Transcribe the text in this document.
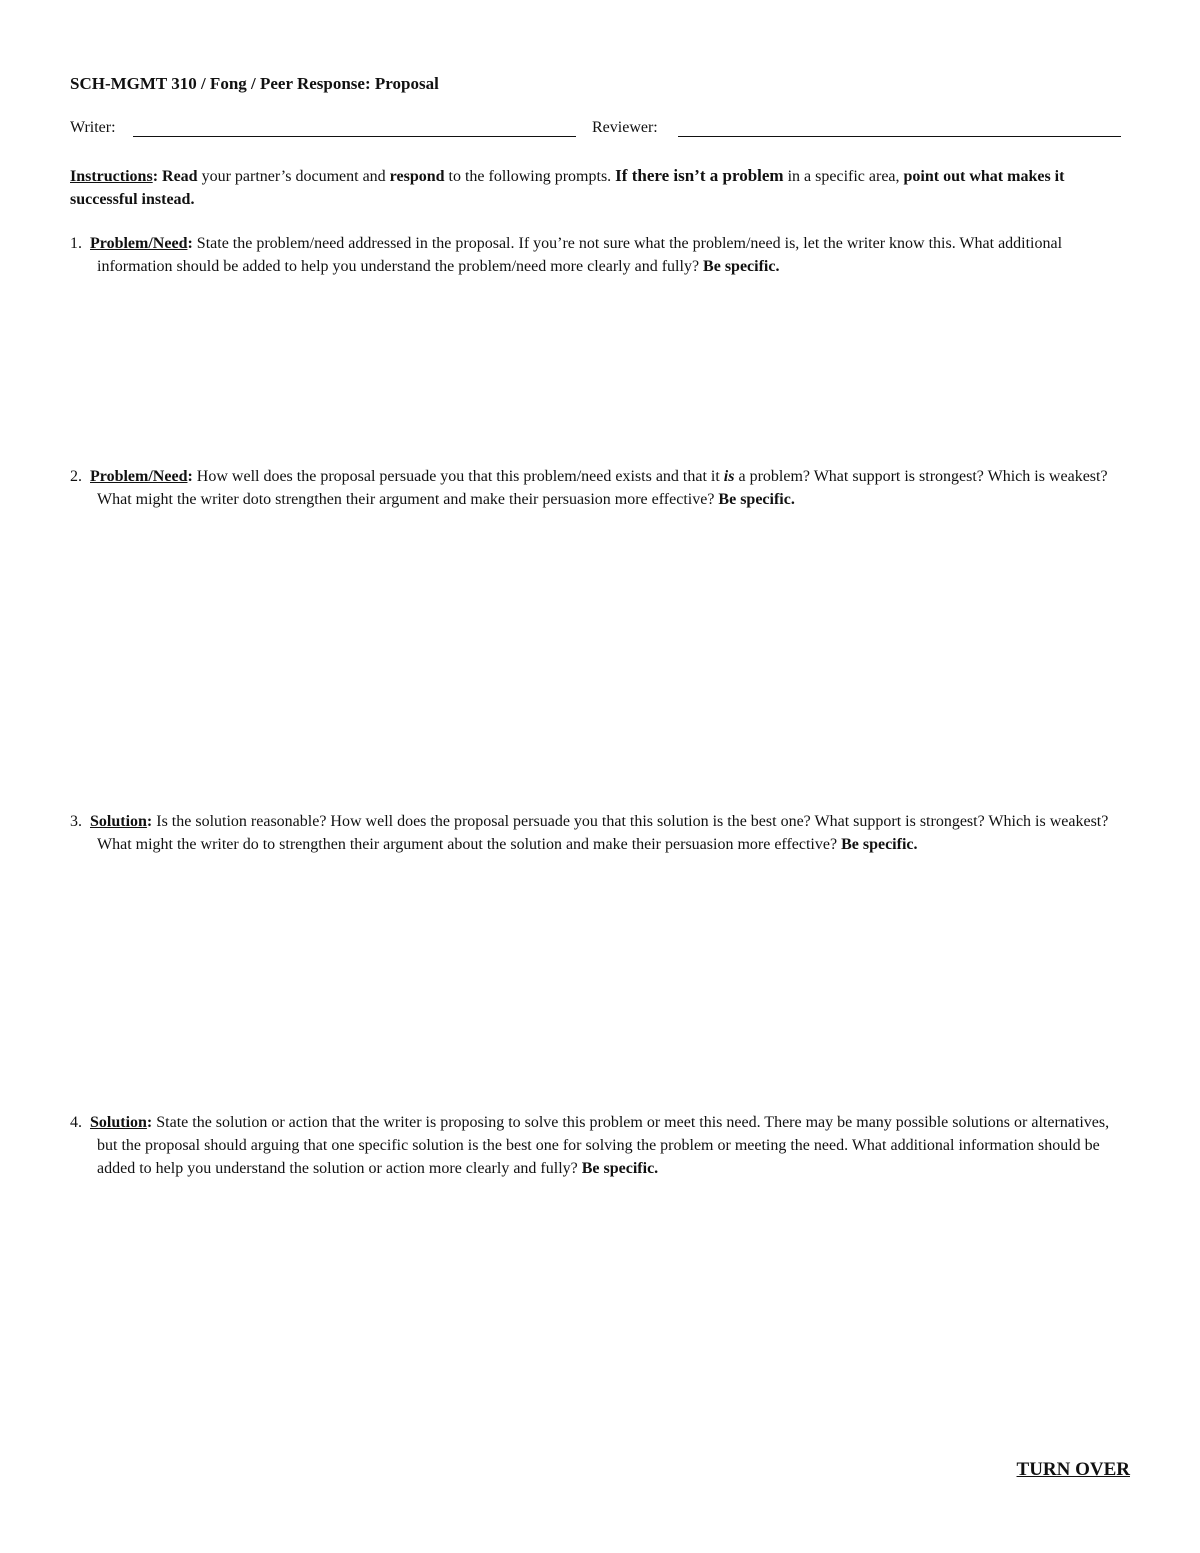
SCH-MGMT 310 / Fong / Peer Response: Proposal
Writer:	Reviewer:
Instructions: Read your partner’s document and respond to the following prompts. If there isn’t a problem in a specific area, point out what makes it successful instead.
1. Problem/Need: State the problem/need addressed in the proposal. If you’re not sure what the problem/need is, let the writer know this. What additional information should be added to help you understand the problem/need more clearly and fully? Be specific.
2. Problem/Need: How well does the proposal persuade you that this problem/need exists and that it is a problem? What support is strongest? Which is weakest? What might the writer doto strengthen their argument and make their persuasion more effective? Be specific.
3. Solution: Is the solution reasonable? How well does the proposal persuade you that this solution is the best one? What support is strongest? Which is weakest? What might the writer do to strengthen their argument about the solution and make their persuasion more effective? Be specific.
4. Solution: State the solution or action that the writer is proposing to solve this problem or meet this need. There may be many possible solutions or alternatives, but the proposal should arguing that one specific solution is the best one for solving the problem or meeting the need. What additional information should be added to help you understand the solution or action more clearly and fully? Be specific.
TURN OVER
